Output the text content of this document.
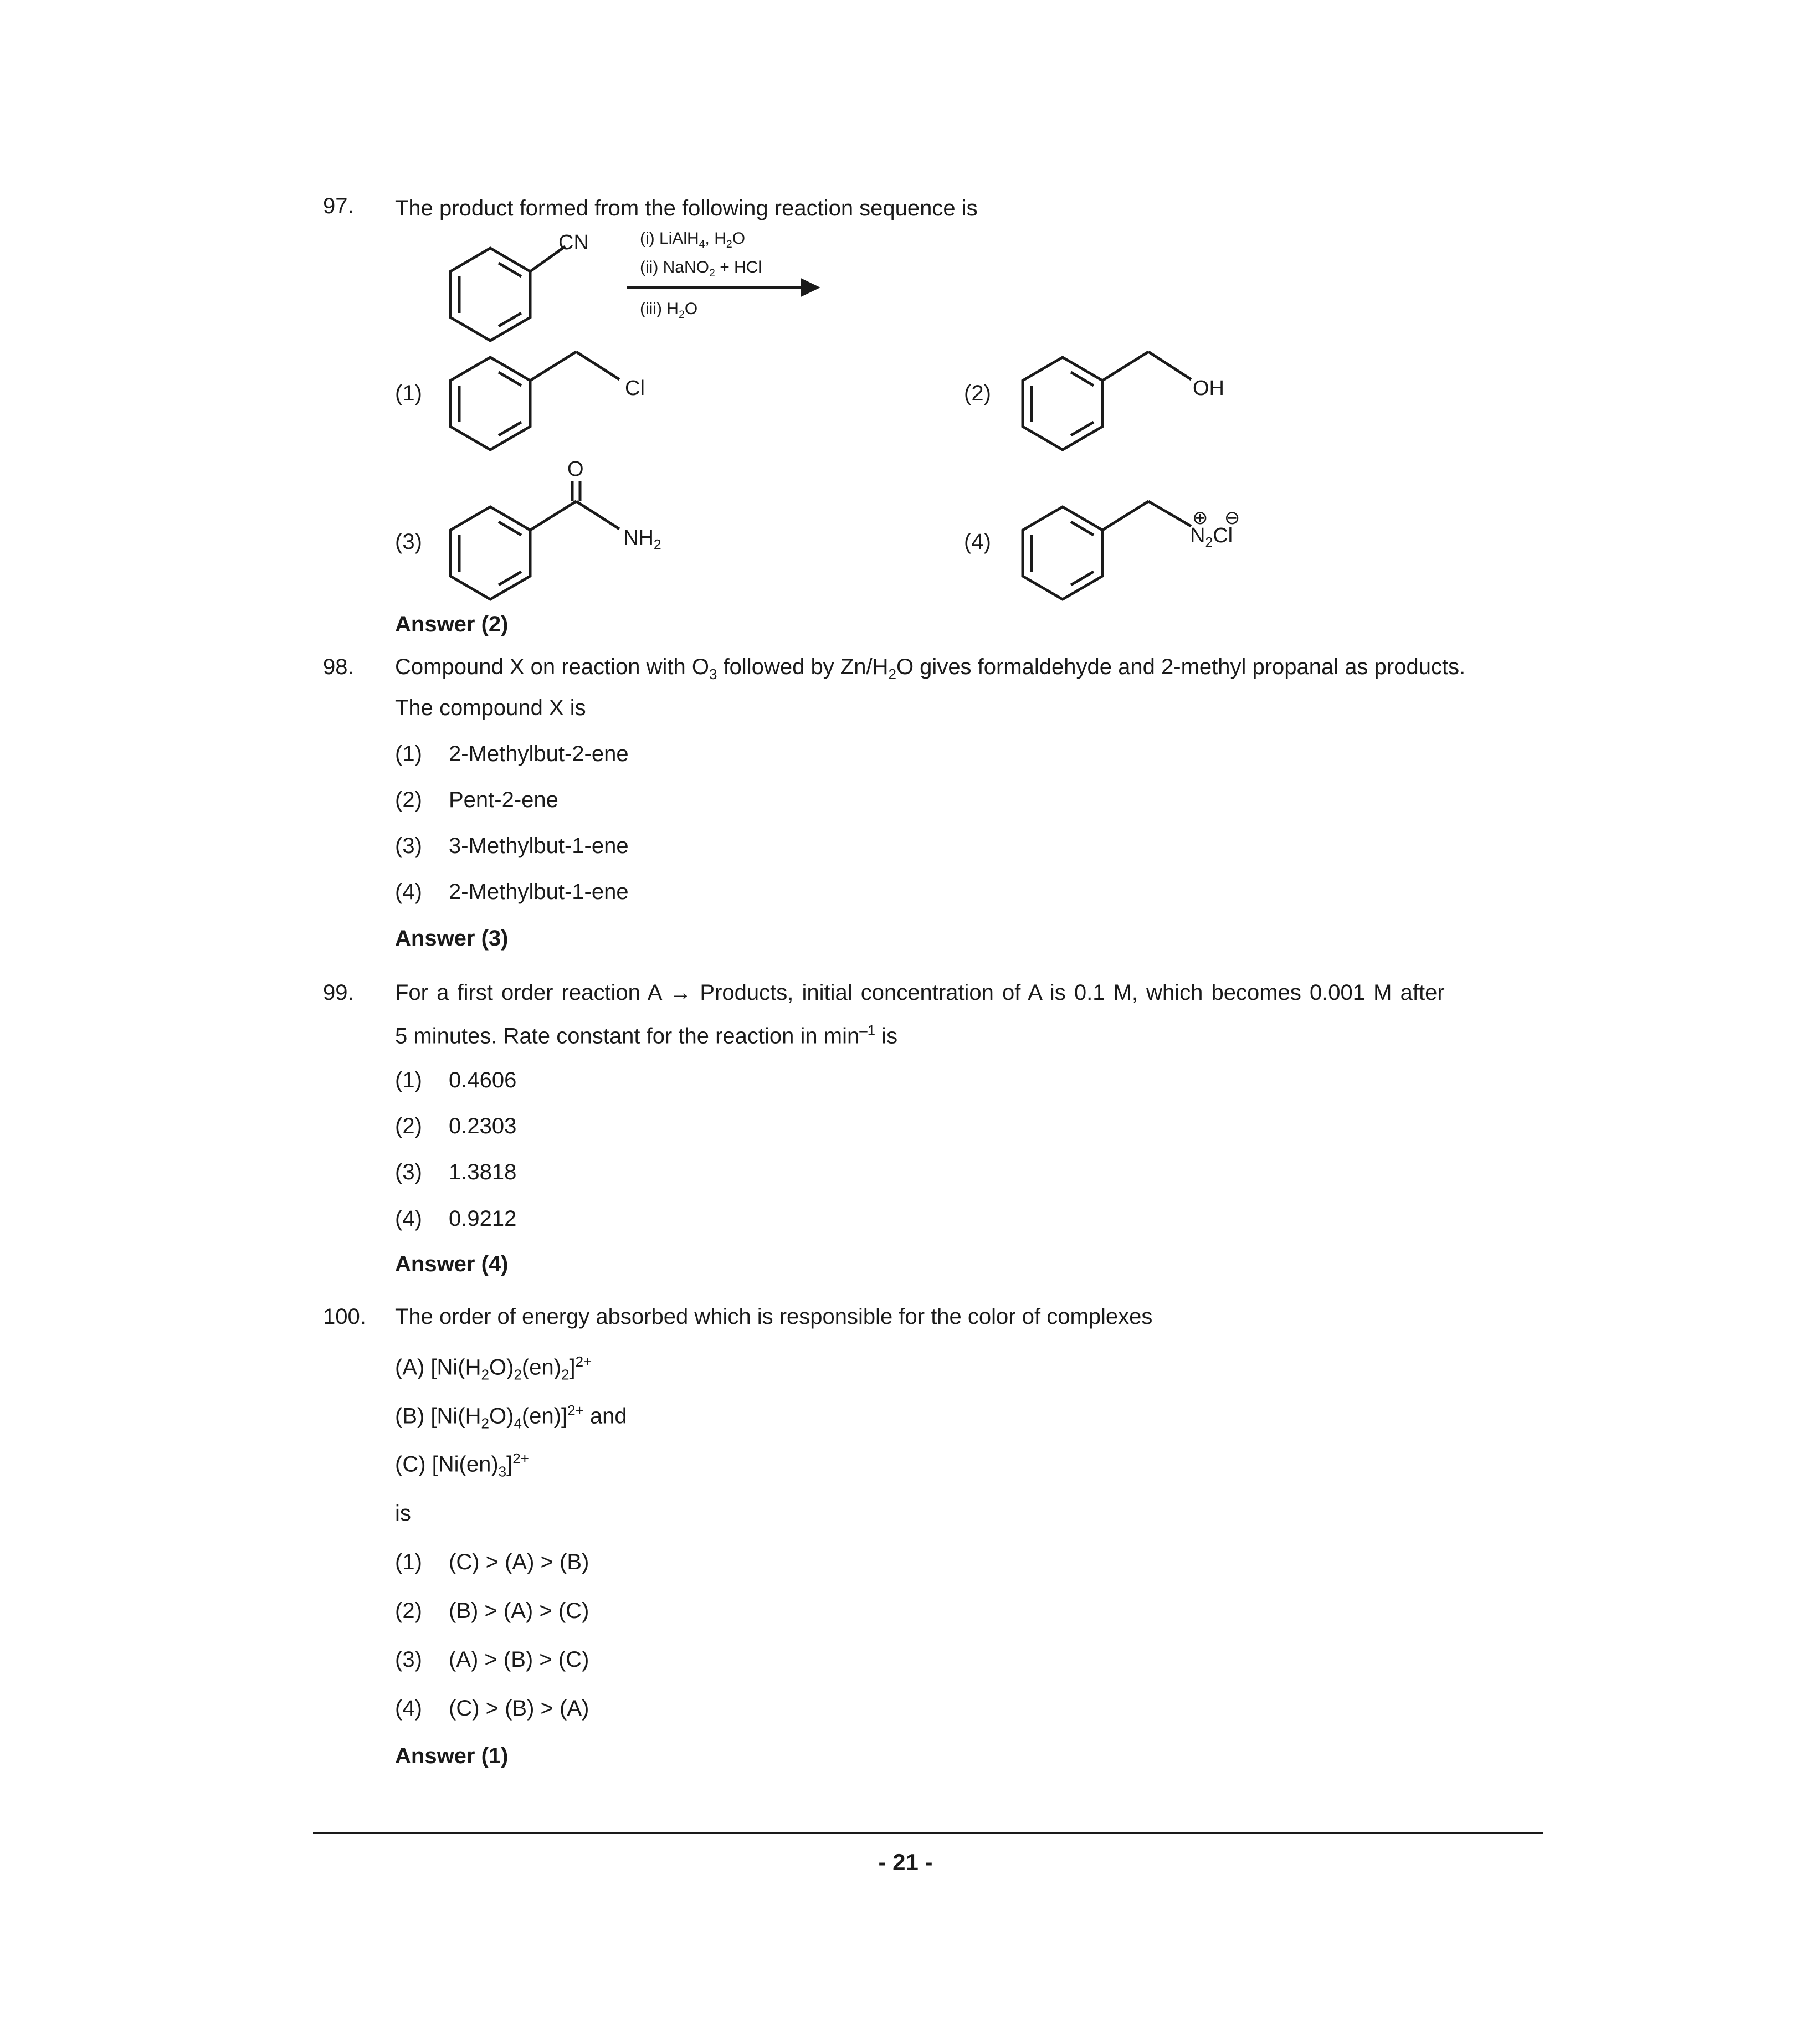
97. The product formed from the following reaction sequence is
CN	(i) LiAlH$_4$, $H_2O$
(ii) NaNO$_2$ + HCl
(iii) $H_2O$
(1)	Cl	(2)	OH
O
(3)	$NH_2$	(4)
⊕ ⊖
$N_2Cl$
Answer (2)
98. Compound X on reaction with $O_3$ followed by $Zn/H_2O$ gives formaldehyde and 2-methyl propanal as products.
The compound X is
(1) 2-Methylbut-2-ene
(2) Pent-2-ene
(3) 3-Methylbut-1-ene
(4) 2-Methylbut-1-ene
Answer (3)
99. For a first order reaction A → Products, initial concentration of A is 0.1 M, which becomes 0.001 M after
5 minutes. Rate constant for the reaction in $\min^{-1}$ is
(1) 0.4606
(2) 0.2303
(3) 1.3818
(4) 0.9212
Answer (4)
100. The order of energy absorbed which is responsible for the color of complexes
(A) $[Ni(H_2O)_2(en)_2]^{2+}$
(B) $[Ni(H_2O)_4(en)]^{2+}$ and
(C) $[Ni(en)_3]^{2+}$
is
(1) (C) > (A) > (B)
(2) (B) > (A) > (C)
(3) (A) > (B) > (C)
(4) (C) > (B) > (A)
Answer (1)
- 21 -
